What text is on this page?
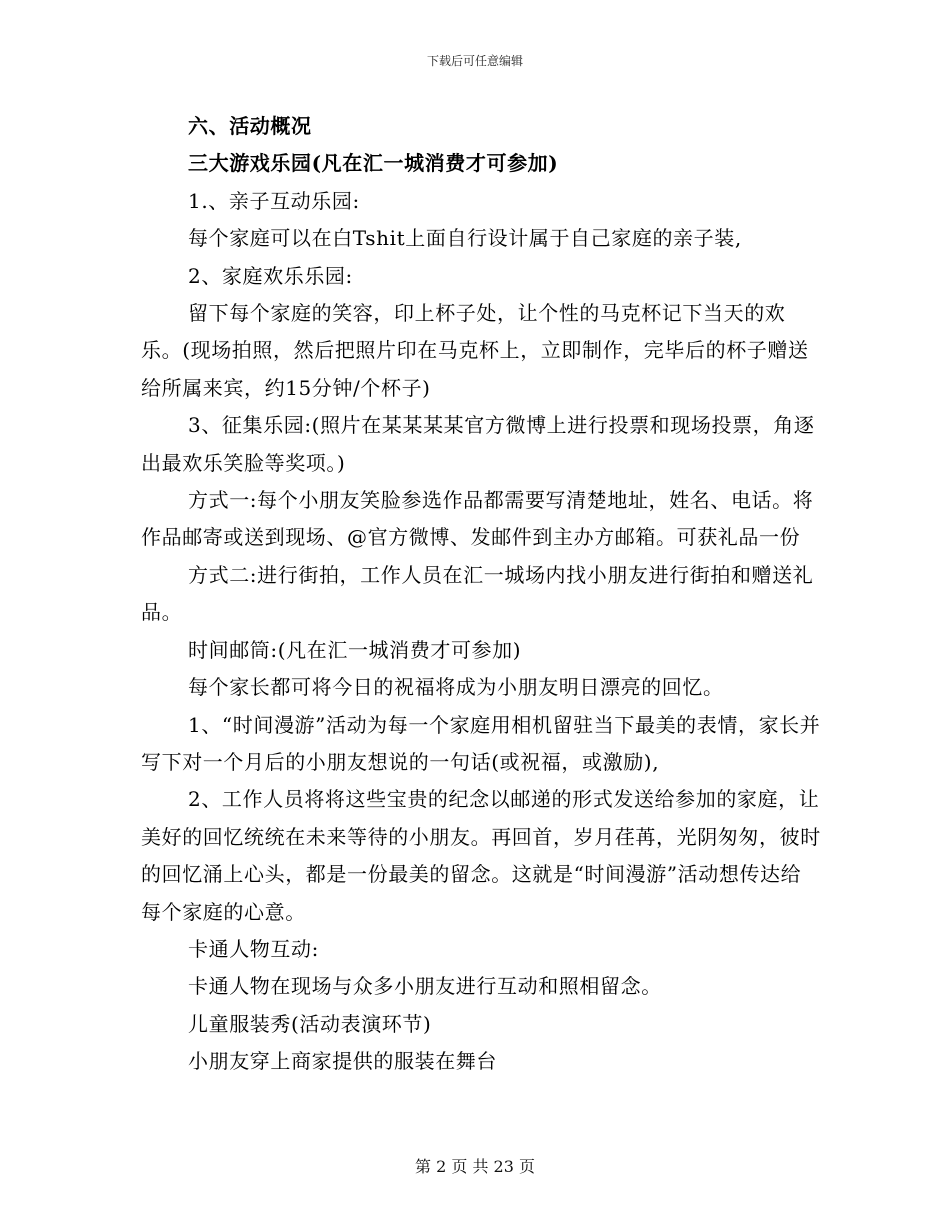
下载后可任意编辑

六、活动概况

三大游戏乐园(凡在汇一城消费才可参加)

1.、亲子互动乐园:

每个家庭可以在白Tshit上面自行设计属于自己家庭的亲子装,

2、家庭欢乐乐园:

留下每个家庭的笑容，印上杯子处，让个性的马克杯记下当天的欢乐。(现场拍照，然后把照片印在马克杯上，立即制作，完毕后的杯子赠送给所属来宾，约15分钟/个杯子)

3、征集乐园:(照片在某某某某官方微博上进行投票和现场投票，角逐出最欢乐笑脸等奖项。)

方式一:每个小朋友笑脸参选作品都需要写清楚地址，姓名、电话。将作品邮寄或送到现场、@官方微博、发邮件到主办方邮箱。可获礼品一份

方式二:进行街拍，工作人员在汇一城场内找小朋友进行街拍和赠送礼品。

时间邮筒:(凡在汇一城消费才可参加)

每个家长都可将今日的祝福将成为小朋友明日漂亮的回忆。

1、“时间漫游”活动为每一个家庭用相机留驻当下最美的表情，家长并写下对一个月后的小朋友想说的一句话(或祝福，或激励),

2、工作人员将将这些宝贵的纪念以邮递的形式发送给参加的家庭，让美好的回忆统统在未来等待的小朋友。再回首，岁月荏苒，光阴匆匆，彼时的回忆涌上心头，都是一份最美的留念。这就是“时间漫游”活动想传达给每个家庭的心意。

卡通人物互动:

卡通人物在现场与众多小朋友进行互动和照相留念。

儿童服装秀(活动表演环节)

小朋友穿上商家提供的服装在舞台

第 2 页 共 23 页
